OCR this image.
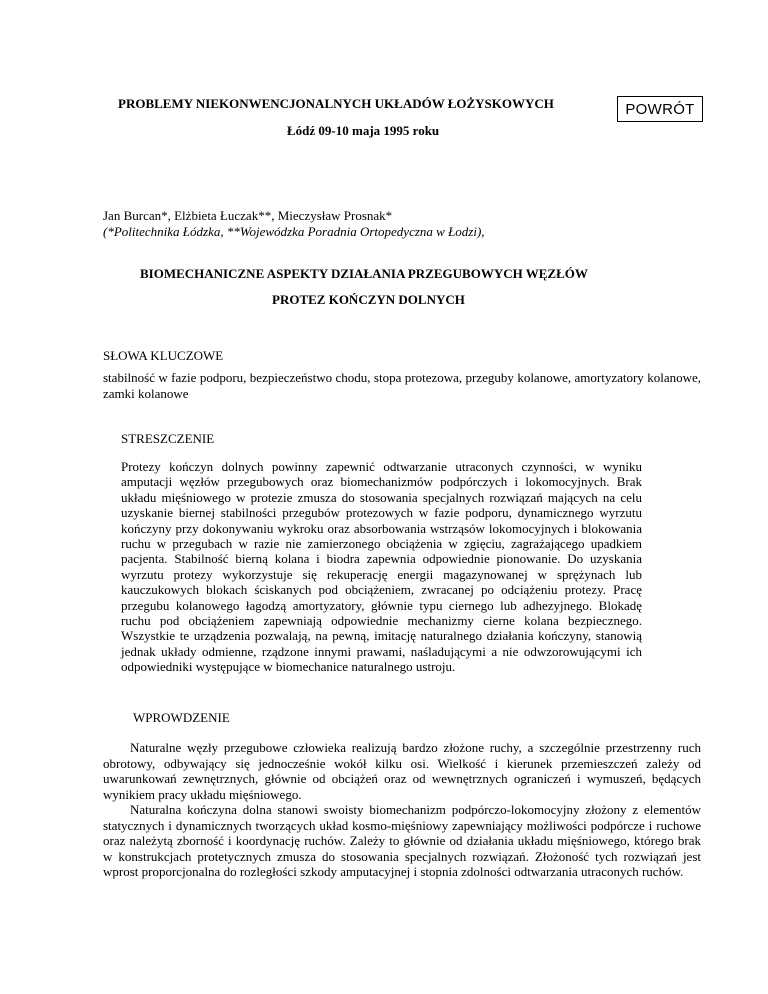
PROBLEMY NIEKONWENCJONALNYCH UKŁADÓW ŁOŻYSKOWYCH	POWRÓT
Łódź 09-10 maja 1995 roku
Jan Burcan*, Elżbieta Łuczak**, Mieczysław Prosnak*
(*Politechnika Łódzka, **Wojewódzka Poradnia Ortopedyczna w Łodzi),
BIOMECHANICZNE ASPEKTY DZIAŁANIA PRZEGUBOWYCH WĘZŁÓW
PROTEZ KOŃCZYN DOLNYCH
SŁOWA KLUCZOWE
stabilność w fazie podporu, bezpieczeństwo chodu, stopa protezowa, przeguby kolanowe, amortyzatory kolanowe, zamki kolanowe
STRESZCZENIE
Protezy kończyn dolnych powinny zapewnić odtwarzanie utraconych czynności, w wyniku amputacji węzłów przegubowych oraz biomechanizmów podpórczych i lokomocyjnych. Brak układu mięśniowego w protezie zmusza do stosowania specjalnych rozwiązań mających na celu uzyskanie biernej stabilności przegubów protezowych w fazie podporu, dynamicznego wyrzutu kończyny przy dokonywaniu wykroku oraz absorbowania wstrząsów lokomocyjnych i blokowania ruchu w przegubach w razie nie zamierzonego obciążenia w zgięciu, zagrażającego upadkiem pacjenta. Stabilność bierną kolana i biodra zapewnia odpowiednie pionowanie. Do uzyskania wyrzutu protezy wykorzystuje się rekuperację energii magazynowanej w sprężynach lub kauczukowych blokach ściskanych pod obciążeniem, zwracanej po odciążeniu protezy. Pracę przegubu kolanowego łagodzą amortyzatory, głównie typu ciernego lub adhezyjnego. Blokadę ruchu pod obciążeniem zapewniają odpowiednie mechanizmy cierne kolana bezpiecznego. Wszystkie te urządzenia pozwalają, na pewną, imitację naturalnego działania kończyny, stanowią jednak układy odmienne, rządzone innymi prawami, naśladującymi a nie odwzorowującymi ich odpowiedniki występujące w biomechanice naturalnego ustroju.
WPROWDZENIE

Naturalne węzły przegubowe człowieka realizują bardzo złożone ruchy, a szczególnie przestrzenny ruch obrotowy, odbywający się jednocześnie wokół kilku osi. Wielkość i kierunek przemieszczeń zależy od uwarunkowań zewnętrznych, głównie od obciążeń oraz od wewnętrznych ograniczeń i wymuszeń, będących wynikiem pracy układu mięśniowego.

Naturalna kończyna dolna stanowi swoisty biomechanizm podpórczo-lokomocyjny złożony z elementów statycznych i dynamicznych tworzących układ kosmo-mięśniowy zapewniający możliwości podpórcze i ruchowe oraz należytą zborność i koordynację ruchów. Zależy to głównie od działania układu mięśniowego, którego brak w konstrukcjach protetycznych zmusza do stosowania specjalnych rozwiązań. Złożoność tych rozwiązań jest wprost proporcjonalna do rozległości szkody amputacyjnej i stopnia zdolności odtwarzania utraconych ruchów.
